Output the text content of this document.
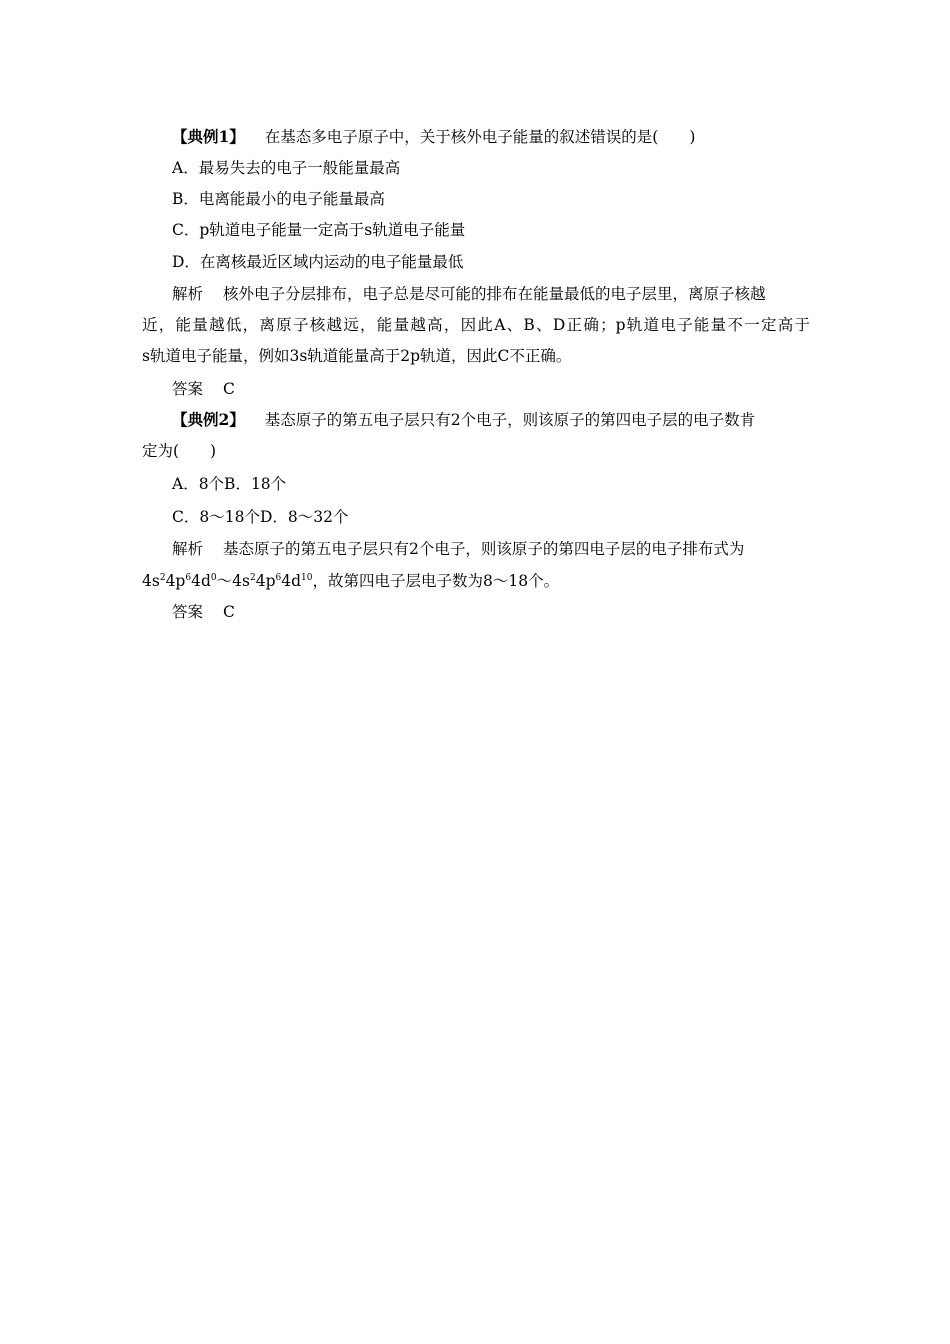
【典例1】 在基态多电子原子中，关于核外电子能量的叙述错误的是(　　)
A．最易失去的电子一般能量最高
B．电离能最小的电子能量最高
C．p轨道电子能量一定高于s轨道电子能量
D．在离核最近区域内运动的电子能量最低
解析 核外电子分层排布，电子总是尽可能的排布在能量最低的电子层里，离原子核越
近，能量越低，离原子核越远，能量越高，因此A、B、D正确；p轨道电子能量不一定高于
s轨道电子能量，例如3s轨道能量高于2p轨道，因此C不正确。
答案 C
【典例2】 基态原子的第五电子层只有2个电子，则该原子的第四电子层的电子数肯
定为(　　)
A．8个B．18个
C．8～18个D．8～32个
解析 基态原子的第五电子层只有2个电子，则该原子的第四电子层的电子排布式为
$4s^24p^64d^0\sim 4s^24p^64d^{10}$，故第四电子层电子数为8～18个。
答案 C
